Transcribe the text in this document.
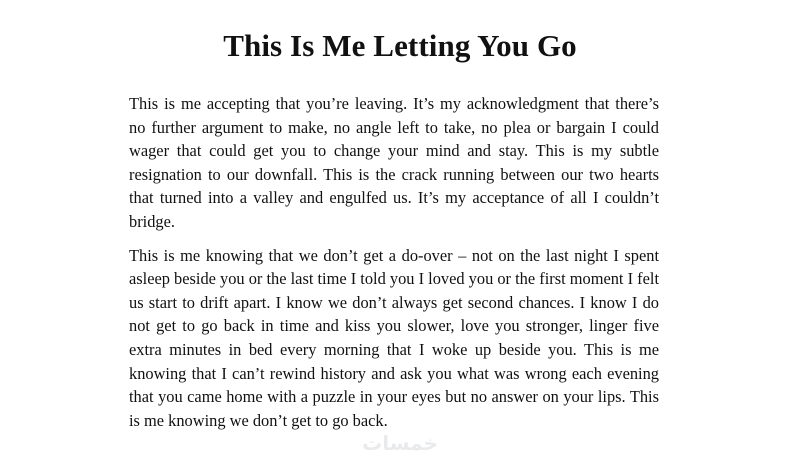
This Is Me Letting You Go

This is me accepting that you’re leaving. It’s my acknowledgment that there’s no further argument to make, no angle left to take, no plea or bargain I could wager that could get you to change your mind and stay. This is my subtle resignation to our downfall. This is the crack running between our two hearts that turned into a valley and engulfed us. It’s my acceptance of all I couldn’t bridge.

This is me knowing that we don’t get a do-over – not on the last night I spent asleep beside you or the last time I told you I loved you or the first moment I felt us start to drift apart. I know we don’t always get second chances. I know I do not get to go back in time and kiss you slower, love you stronger, linger five extra minutes in bed every morning that I woke up beside you. This is me knowing that I can’t rewind history and ask you what was wrong each evening that you came home with a puzzle in your eyes but no answer on your lips. This is me knowing we don’t get to go back.

خمسات
